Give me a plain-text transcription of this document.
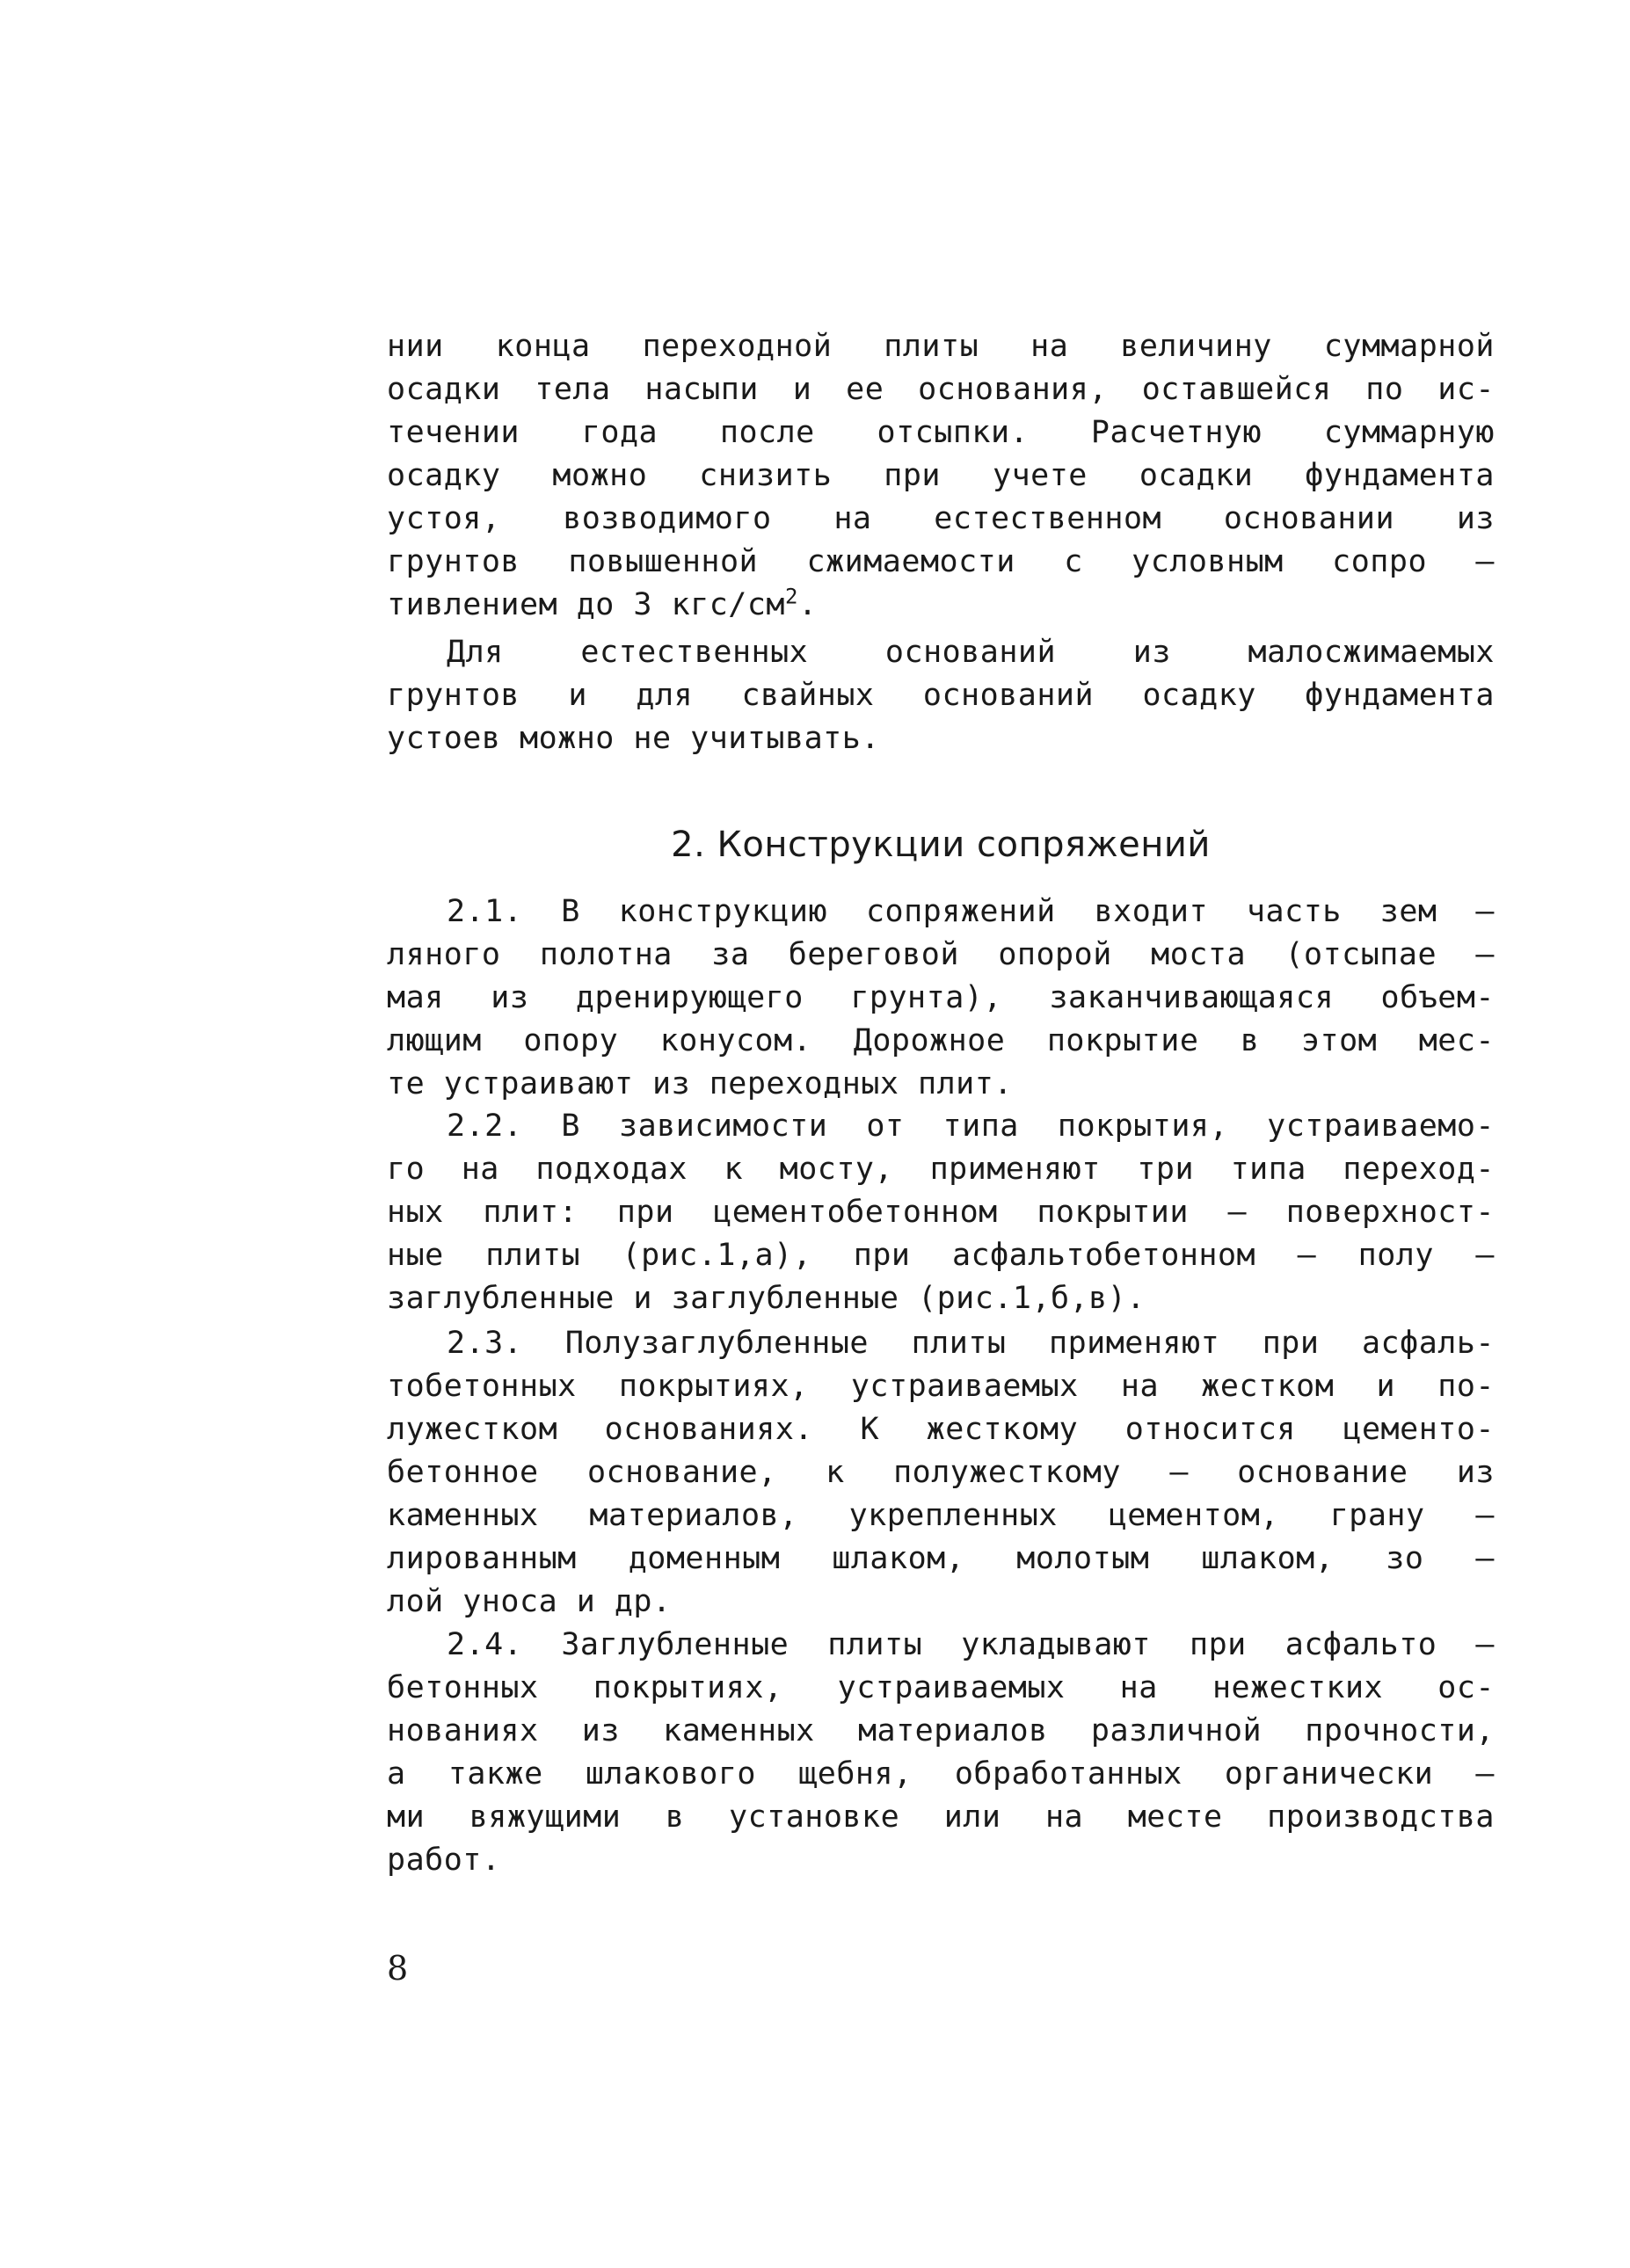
нии конца переходной плиты на величину суммарной
осадки тела насыпи и ее основания, оставшейся по ис-
течении года после отсыпки. Расчетную суммарную
осадку можно снизить при учете осадки фундамента
устоя, возводимого на естественном основании из
грунтов повышенной сжимаемости с условным сопро –
тивлением до 3 кгс/$см^2$.
Для естественных оснований из малосжимаемых
грунтов и для свайных оснований осадку фундамента
устоев можно не учитывать.
2. Конструкции сопряжений
2.1. В конструкцию сопряжений входит часть зем –
ляного полотна за береговой опорой моста (отсыпае –
мая из дренирующего грунта), заканчивающаяся объем-
лющим опору конусом. Дорожное покрытие в этом мес-
те устраивают из переходных плит.
2.2. В зависимости от типа покрытия, устраиваемо-
го на подходах к мосту, применяют три типа переход-
ных плит: при цементобетонном покрытии – поверхност-
ные плиты (рис.1,а), при асфальтобетонном – полу –
заглубленные и заглубленные (рис.1,б,в).
2.3. Полузаглубленные плиты применяют при асфаль-
тобетонных покрытиях, устраиваемых на жестком и по-
лужестком основаниях. К жесткому относится цементо-
бетонное основание, к полужесткому – основание из
каменных материалов, укрепленных цементом, грану –
лированным доменным шлаком, молотым шлаком, зо –
лой уноса и др.
2.4. Заглубленные плиты укладывают при асфальто –
бетонных покрытиях, устраиваемых на нежестких ос-
нованиях из каменных материалов различной прочности,
а также шлакового щебня, обработанных органически –
ми вяжущими в установке или на месте производства
работ.
8
